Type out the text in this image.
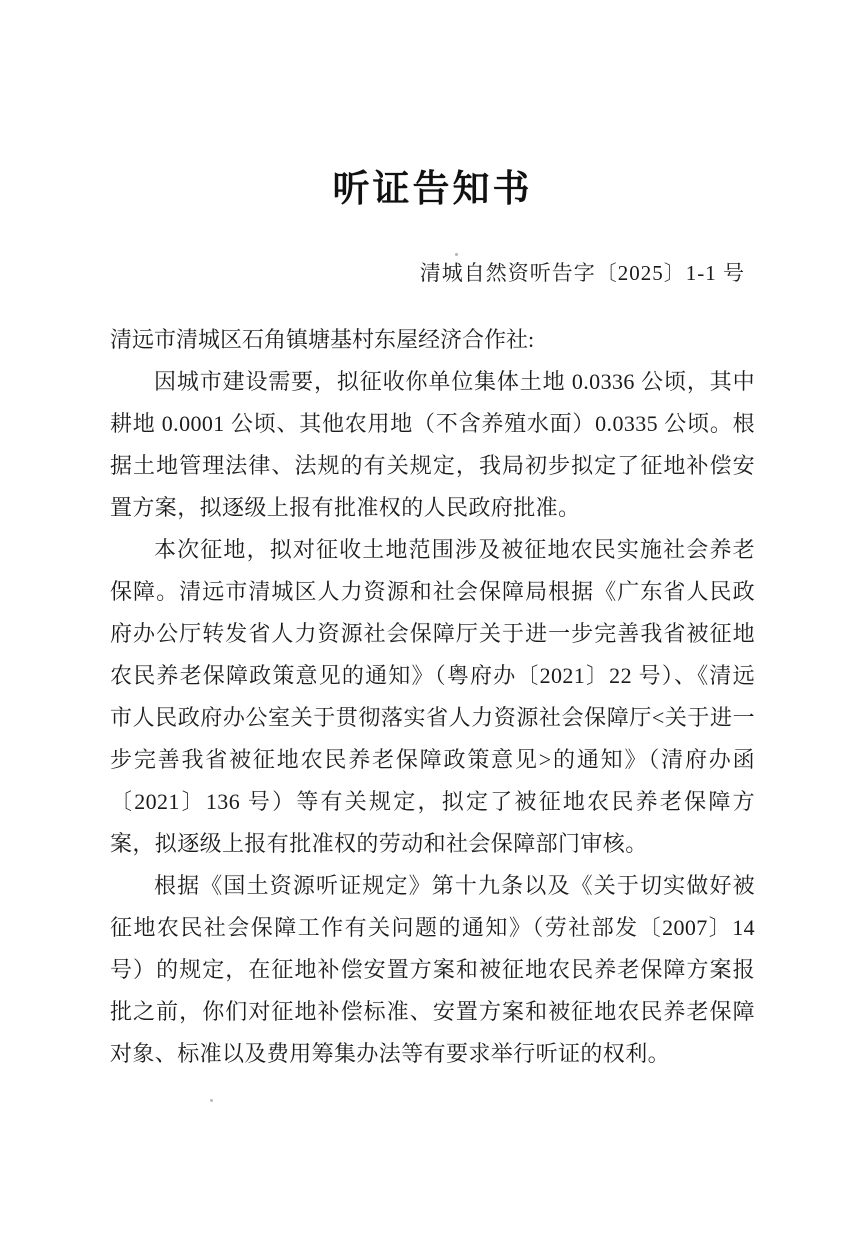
听证告知书
清城自然资听告字〔2025〕1-1 号
清远市清城区石角镇塘基村东屋经济合作社:

因城市建设需要，拟征收你单位集体土地 0.0336 公顷，其中耕地 0.0001 公顷、其他农用地（不含养殖水面）0.0335 公顷。根据土地管理法律、法规的有关规定，我局初步拟定了征地补偿安置方案，拟逐级上报有批准权的人民政府批准。

本次征地，拟对征收土地范围涉及被征地农民实施社会养老保障。清远市清城区人力资源和社会保障局根据《广东省人民政府办公厅转发省人力资源社会保障厅关于进一步完善我省被征地农民养老保障政策意见的通知》（粤府办〔2021〕22 号）、《清远市人民政府办公室关于贯彻落实省人力资源社会保障厅<关于进一步完善我省被征地农民养老保障政策意见>的通知》（清府办函〔2021〕136 号）等有关规定，拟定了被征地农民养老保障方案，拟逐级上报有批准权的劳动和社会保障部门审核。

根据《国土资源听证规定》第十九条以及《关于切实做好被征地农民社会保障工作有关问题的通知》（劳社部发〔2007〕14 号）的规定，在征地补偿安置方案和被征地农民养老保障方案报批之前，你们对征地补偿标准、安置方案和被征地农民养老保障对象、标准以及费用筹集办法等有要求举行听证的权利。
